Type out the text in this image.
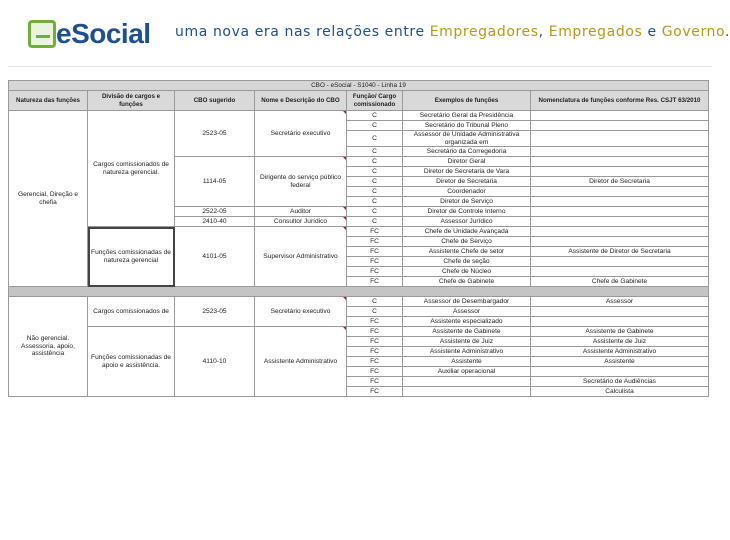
eSocial uma nova era nas relações entre Empregadores, Empregados e Governo.
CBO - eSocial - S1040 - Linha 19						
Natureza das funções	Divisão de cargos e funções	CBO sugerido	Nome e Descrição do CBO	Função/ Cargo comissionado	Exemplos de funções	Nomenclatura de funções conforme Res. CSJT 63/2010
Gerencial, Direção e chefia	Cargos comissionados de natureza gerencial.	2523-05	Secretário executivo	C	Secretário Geral da Presidência	
				C	Secretário do Tribunal Pleno	
				C	Assessor de Unidade Administrativa organizada em	
				C	Secretário da Corregedoria	
		1114-05	Dirigente do serviço público federal	C	Diretor Geral	
				C	Diretor de Secretaria de Vara	
				C	Diretor de Secretaria	Diretor de Secretaria
				C	Coordenador	
				C	Diretor de Serviço	
		2522-05	Auditor	C	Diretor de Controle Interno	
		2410-40	Consultor Jurídico	C	Assessor Jurídico	
	Funções comissionadas de natureza gerencial	4101-05	Supervisor Administrativo	FC	Chefe de Unidade Avançada	
				FC	Chefe de Serviço	
				FC	Assistente Chefe de setor	Assistente de Diretor de Secretaria
				FC	Chefe de seção	
				FC	Chefe de Núcleo	
				FC	Chefe de Gabinete	Chefe de Gabinete

Não gerencial. Assessoria, apoio, assistência	Cargos comissionados de	2523-05	Secretário executivo	C	Assessor de Desembargador	Assessor
				C	Assessor	
				FC	Assistente especializado	
	Funções comissionadas de apoio e assistência.	4110-10	Assistente Administrativo	FC	Assistente de Gabinete	Assistente de Gabinete
				FC	Assistente de Juiz	Assistente de Juiz
				FC	Assistente Administrativo	Assistente Administrativo
				FC	Assistente	Assistente
				FC	Auxiliar operacional	
				FC		Secretário de Audiências
				FC		Calculista
